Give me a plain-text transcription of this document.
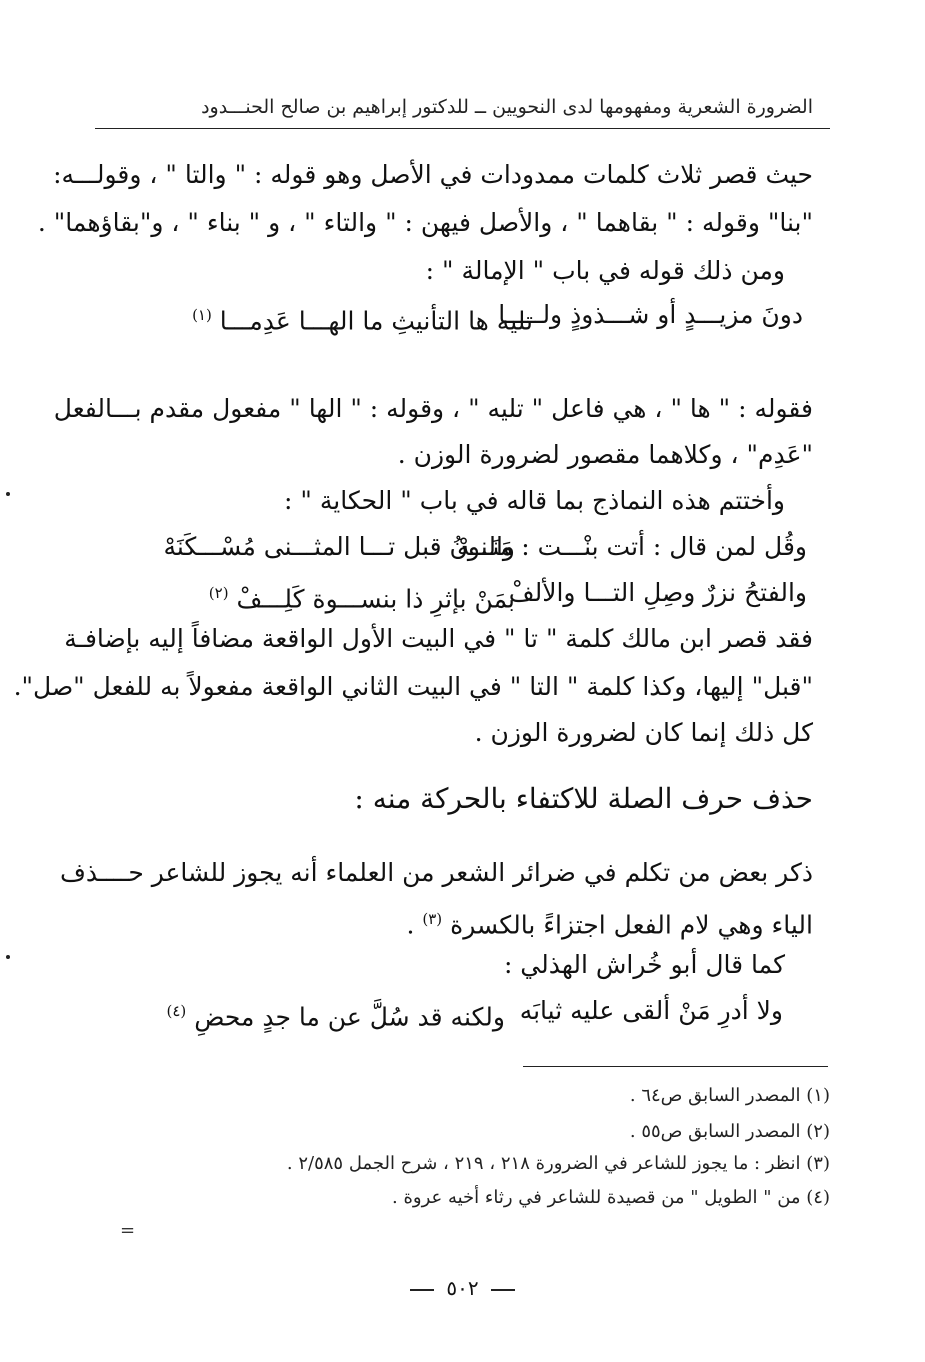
الضرورة الشعرية ومفهومها لدى النحويين ــ للدكتور إبراهيم بن صالح الحنـــدود
حيث قصر ثلاث كلمات ممدودات في الأصل وهو قوله : " والتا " ، وقولـــه:
"بنا" وقوله : " بقاهما " ، والأصل فيهن : " والتاء " ، و " بناء " ، و"بقاؤهما" .
ومن ذلك قوله في باب " الإمالة " :
دونَ مزيـــدٍ أو شـــذوذٍ ولـــــا
تليه ها التأنيثِ ما الهـــا عَدِمـــا $^{(١)}$
فقوله : " ها " ، هي فاعل " تليه " ، وقوله : " الها " مفعول مقدم بـــالفعل
"عَدِم" ، وكلاهما مقصور لضرورة الوزن .
وأختتم هذه النماذج بما قاله في باب " الحكاية " :
وقُل لمن قال : أتت بنْـــت : مَنَـــهْ
والنونُ قبل تـــا المثـــنى مُسْـــكَنَهْ
والفتحُ نزرٌ وصِلِ التـــا والألفْ
بمَنْ بإثرِ ذا بنســـوة كَلِـــفْ $^{(٢)}$
فقد قصر ابن مالك كلمة " تا " في البيت الأول الواقعة مضافاً إليه بإضافـة
"قبل" إليها، وكذا كلمة " التا " في البيت الثاني الواقعة مفعولاً به للفعل "صل".
كل ذلك إنما كان لضرورة الوزن .
حذف حرف الصلة للاكتفاء بالحركة منه :
ذكر بعض من تكلم في ضرائر الشعر من العلماء أنه يجوز للشاعر حــــذف
الياء وهي لام الفعل اجتزاءً بالكسرة $^{(٣)}$ .
كما قال أبو خُراش الهذلي :
ولا أدرِ مَنْ ألقى عليه ثيابَه
ولكنه قد سُلَّ عن ما جدٍ محضِ $^{(٤)}$
(١) المصدر السابق ص٦٤ .
(٢) المصدر السابق ص٥٥ .
(٣) انظر : ما يجوز للشاعر في الضرورة ٢١٨ ، ٢١٩ ، شرح الجمل ٢/٥٨٥ .
(٤) من " الطويل " من قصيدة للشاعر في رثاء أخيه عروة .
=
٥٠٢
